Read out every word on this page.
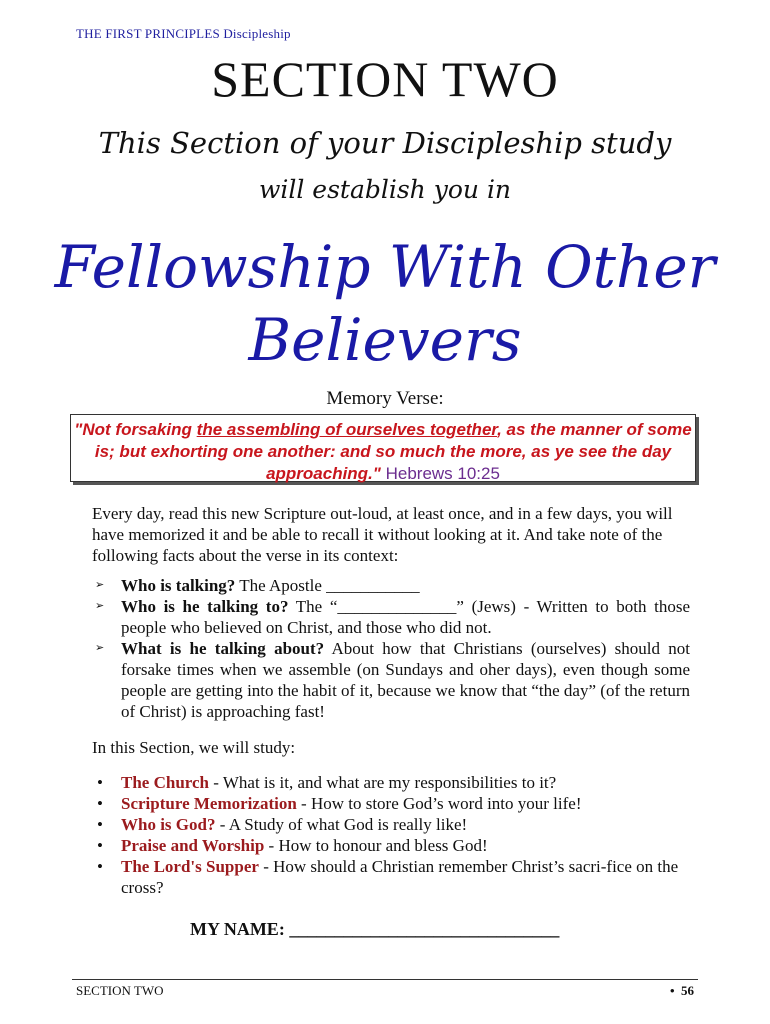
THE FIRST PRINCIPLES Discipleship
SECTION TWO
This Section of your Discipleship study
will establish you in
Fellowship With Other
Believers
Memory Verse:
"Not forsaking the assembling of ourselves together, as the manner of some is; but exhorting one another: and so much the more, as ye see the day approaching." Hebrews 10:25
Every day, read this new Scripture out-loud, at least once, and in a few days, you will have memorized it and be able to recall it without looking at it. And take note of the following facts about the verse in its context:
➢ Who is talking? The Apostle ___________
➢ Who is he talking to? The “______________” (Jews) - Written to both those people who believed on Christ, and those who did not.
➢ What is he talking about? About how that Christians (ourselves) should not forsake times when we assemble (on Sundays and oher days), even though some people are getting into the habit of it, because we know that “the day” (of the return of Christ) is approaching fast!
In this Section, we will study:
• The Church - What is it, and what are my responsibilities to it?
• Scripture Memorization - How to store God’s word into your life!
• Who is God? - A Study of what God is really like!
• Praise and Worship - How to honour and bless God!
• The Lord's Supper - How should a Christian remember Christ’s sacri-fice on the cross?
MY NAME: ______________________________
SECTION TWO	• 56
